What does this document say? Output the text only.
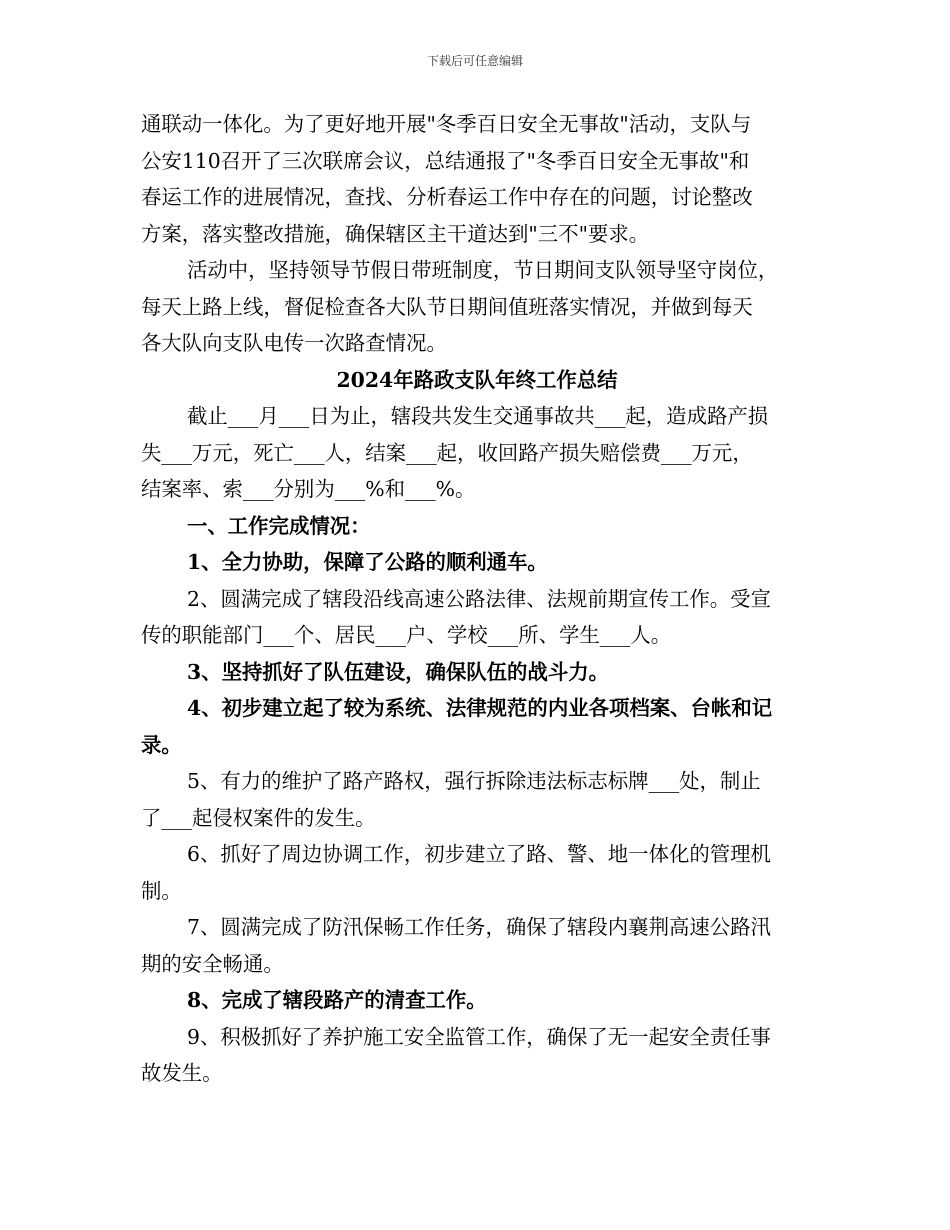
下载后可任意编辑
通联动一体化。为了更好地开展"冬季百日安全无事故"活动，支队与
公安110召开了三次联席会议，总结通报了"冬季百日安全无事故"和
春运工作的进展情况，查找、分析春运工作中存在的问题，讨论整改
方案，落实整改措施，确保辖区主干道达到"三不"要求。
活动中，坚持领导节假日带班制度，节日期间支队领导坚守岗位，
每天上路上线，督促检查各大队节日期间值班落实情况，并做到每天
各大队向支队电传一次路查情况。
2024年路政支队年终工作总结
截止___月___日为止，辖段共发生交通事故共___起，造成路产损
失___万元，死亡___人，结案___起，收回路产损失赔偿费___万元，
结案率、索___分别为___%和___%。
一、工作完成情况：
1、全力协助，保障了公路的顺利通车。
2、圆满完成了辖段沿线高速公路法律、法规前期宣传工作。受宣
传的职能部门___个、居民___户、学校___所、学生___人。
3、坚持抓好了队伍建设，确保队伍的战斗力。
4、初步建立起了较为系统、法律规范的内业各项档案、台帐和记
录。
5、有力的维护了路产路权，强行拆除违法标志标牌___处，制止
了___起侵权案件的发生。
6、抓好了周边协调工作，初步建立了路、警、地一体化的管理机
制。
7、圆满完成了防汛保畅工作任务，确保了辖段内襄荆高速公路汛
期的安全畅通。
8、完成了辖段路产的清查工作。
9、积极抓好了养护施工安全监管工作，确保了无一起安全责任事
故发生。
